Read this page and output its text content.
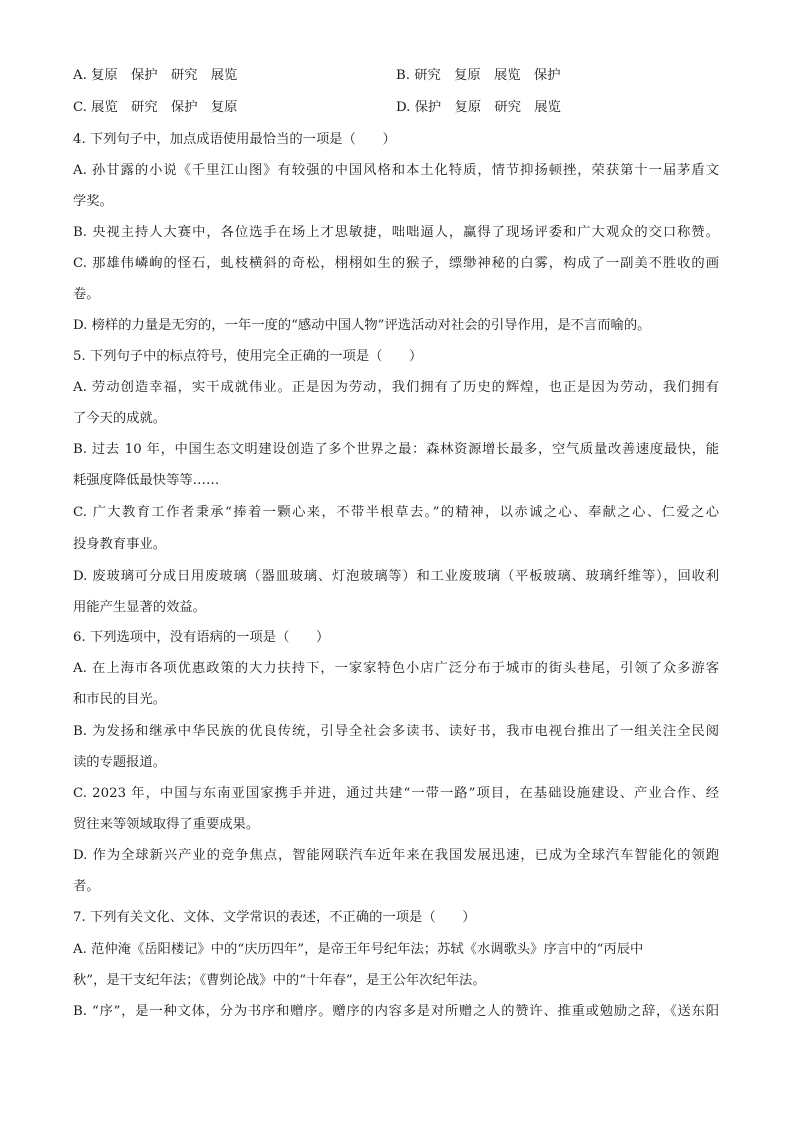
A. 复原　保护　研究　展览	B. 研究　复原　展览　保护
C. 展览　研究　保护　复原	D. 保护　复原　研究　展览
4. 下列句子中，加点成语使用最恰当的一项是（　　）
A. 孙甘露的小说《千里江山图》有较强的中国风格和本土化特质，情节抑扬顿挫，荣获第十一届茅盾文
学奖。
B. 央视主持人大赛中，各位选手在场上才思敏捷，咄咄逼人，赢得了现场评委和广大观众的交口称赞。
C. 那雄伟嶙峋的怪石，虬枝横斜的奇松，栩栩如生的猴子，缥缈神秘的白雾，构成了一副美不胜收的画
卷。
D. 榜样的力量是无穷的，一年一度的“感动中国人物”评选活动对社会的引导作用，是不言而喻的。
5. 下列句子中的标点符号，使用完全正确的一项是（　　）
A. 劳动创造幸福，实干成就伟业。正是因为劳动，我们拥有了历史的辉煌，也正是因为劳动，我们拥有
了今天的成就。
B. 过去 10 年，中国生态文明建设创造了多个世界之最：森林资源增长最多，空气质量改善速度最快，能
耗强度降低最快等等……
C. 广大教育工作者秉承“捧着一颗心来，不带半根草去。”的精神，以赤诚之心、奉献之心、仁爱之心
投身教育事业。
D. 废玻璃可分成日用废玻璃（器皿玻璃、灯泡玻璃等）和工业废玻璃（平板玻璃、玻璃纤维等），回收利
用能产生显著的效益。
6. 下列选项中，没有语病的一项是（　　）
A. 在上海市各项优惠政策的大力扶持下，一家家特色小店广泛分布于城市的街头巷尾，引领了众多游客
和市民的目光。
B. 为发扬和继承中华民族的优良传统，引导全社会多读书、读好书，我市电视台推出了一组关注全民阅
读的专题报道。
C. 2023 年，中国与东南亚国家携手并进，通过共建“一带一路”项目，在基础设施建设、产业合作、经
贸往来等领域取得了重要成果。
D. 作为全球新兴产业的竞争焦点，智能网联汽车近年来在我国发展迅速，已成为全球汽车智能化的领跑
者。
7. 下列有关文化、文体、文学常识的表述，不正确的一项是（　　）
A. 范仲淹《岳阳楼记》中的“庆历四年”，是帝王年号纪年法；苏轼《水调歌头》序言中的“丙辰中
秋”，是干支纪年法；《曹刿论战》中的“十年春”，是王公年次纪年法。
B. “序”，是一种文体，分为书序和赠序。赠序的内容多是对所赠之人的赞许、推重或勉励之辞，《送东阳
